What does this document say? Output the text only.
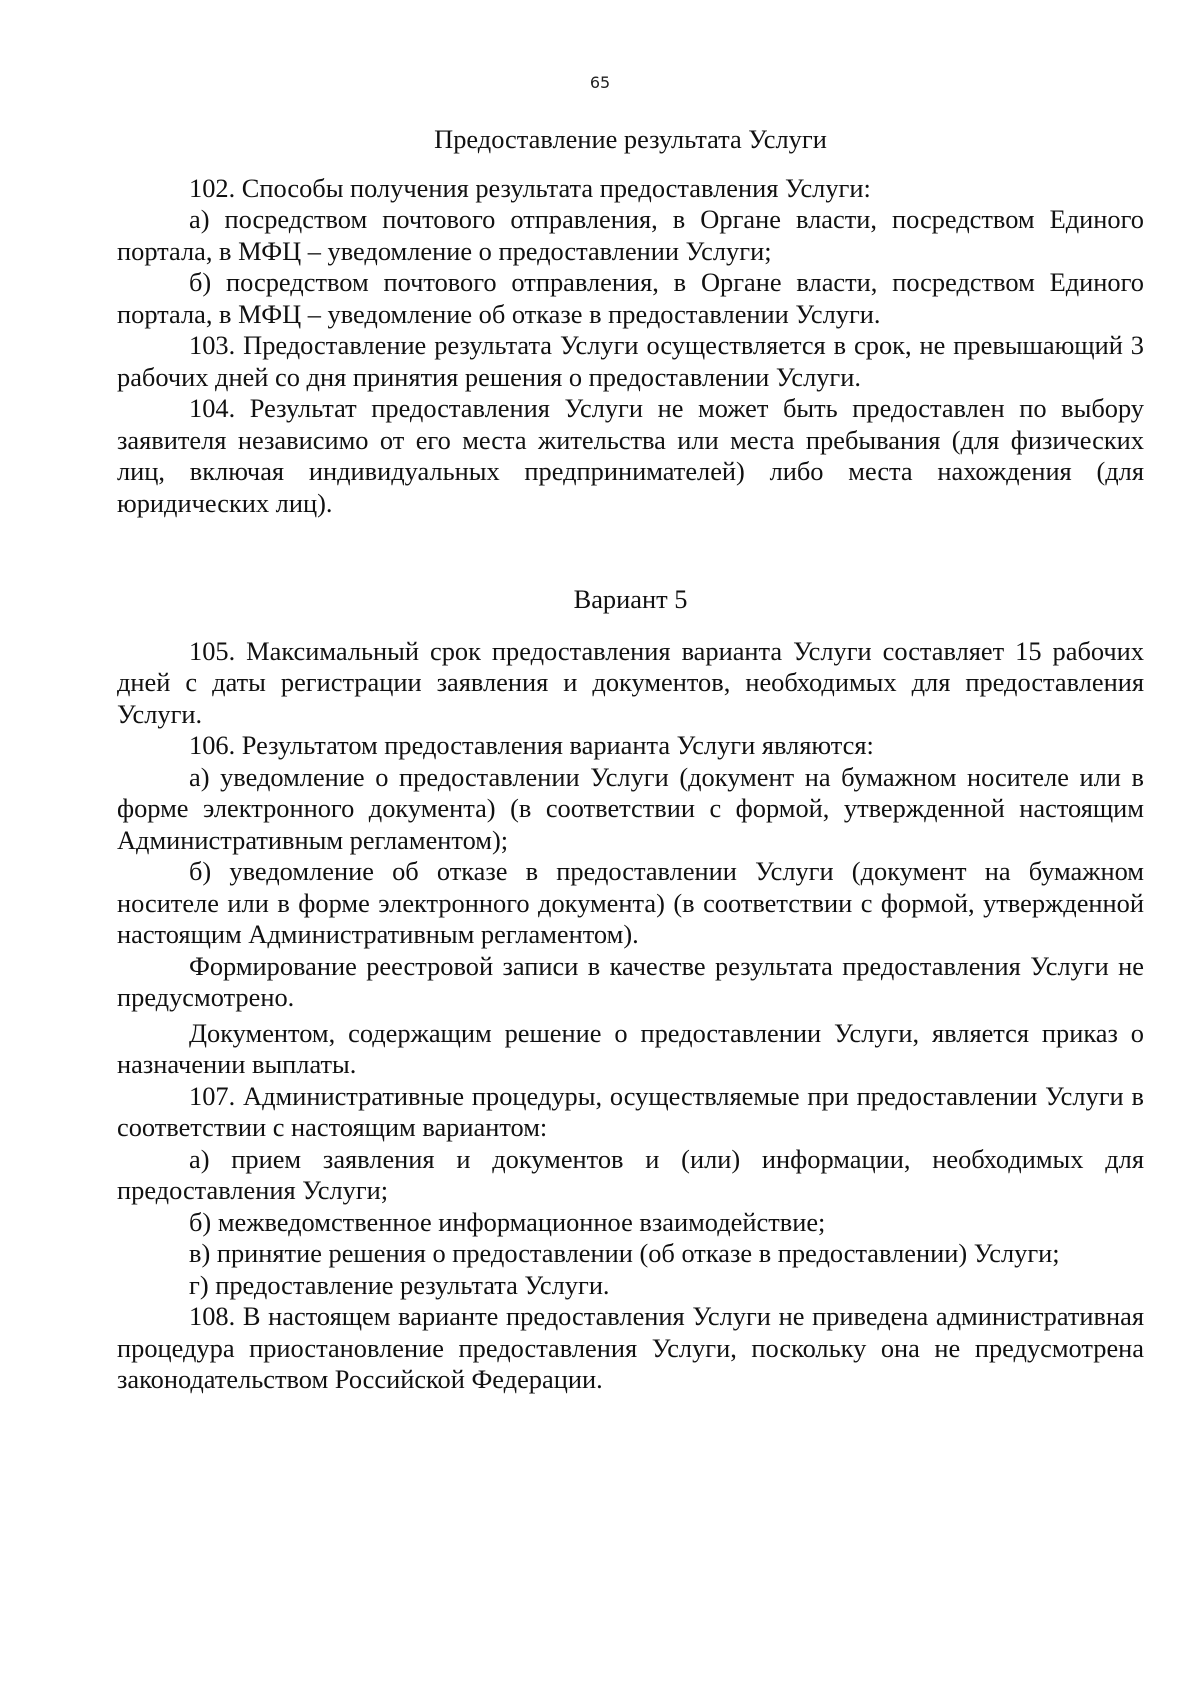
65
Предоставление результата Услуги
102. Способы получения результата предоставления Услуги:
а) посредством почтового отправления, в Органе власти, посредством Единого портала, в МФЦ – уведомление о предоставлении Услуги;
б) посредством почтового отправления, в Органе власти, посредством Единого портала, в МФЦ – уведомление об отказе в предоставлении Услуги.
103. Предоставление результата Услуги осуществляется в срок, не превышающий 3 рабочих дней со дня принятия решения о предоставлении Услуги.
104. Результат предоставления Услуги не может быть предоставлен по выбору заявителя независимо от его места жительства или места пребывания (для физических лиц, включая индивидуальных предпринимателей) либо места нахождения (для юридических лиц).
Вариант 5
105. Максимальный срок предоставления варианта Услуги составляет 15 рабочих дней с даты регистрации заявления и документов, необходимых для предоставления Услуги.
106. Результатом предоставления варианта Услуги являются:
а) уведомление о предоставлении Услуги (документ на бумажном носителе или в форме электронного документа) (в соответствии с формой, утвержденной настоящим Административным регламентом);
б) уведомление об отказе в предоставлении Услуги (документ на бумажном носителе или в форме электронного документа) (в соответствии с формой, утвержденной настоящим Административным регламентом).
Формирование реестровой записи в качестве результата предоставления Услуги не предусмотрено.
Документом, содержащим решение о предоставлении Услуги, является приказ о назначении выплаты.
107. Административные процедуры, осуществляемые при предоставлении Услуги в соответствии с настоящим вариантом:
а) прием заявления и документов и (или) информации, необходимых для предоставления Услуги;
б) межведомственное информационное взаимодействие;
в) принятие решения о предоставлении (об отказе в предоставлении) Услуги;
г) предоставление результата Услуги.
108. В настоящем варианте предоставления Услуги не приведена административная процедура приостановление предоставления Услуги, поскольку она не предусмотрена законодательством Российской Федерации.
